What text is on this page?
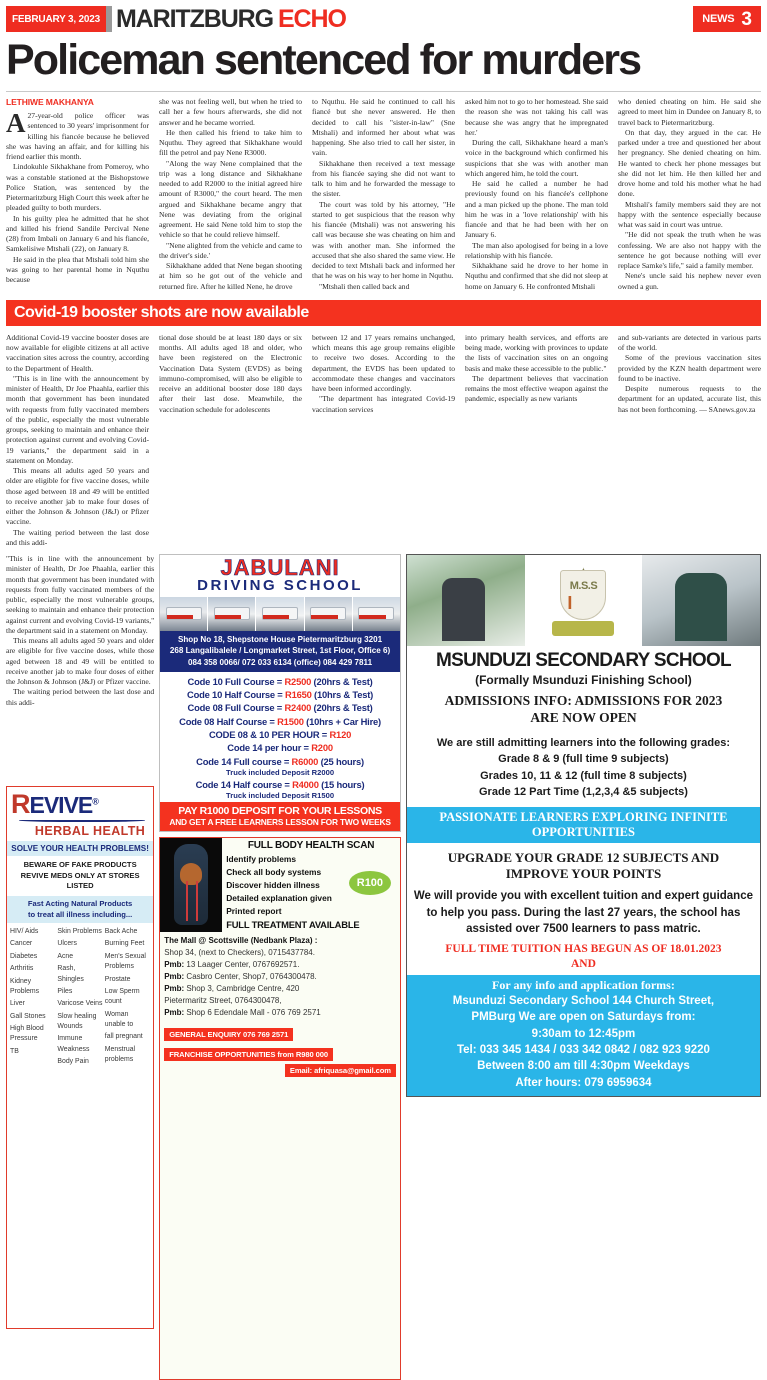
FEBRUARY 3, 2023 MARITZBURG ECHO	NEWS 3
Policeman sentenced for murders
LETHIWE MAKHANYA

A27-year-old police officer was sentenced to 30 years' imprisonment for killing his fiancée because he believed she was having an affair, and for killing his friend earlier this month.

Lindokuhle Sikhakhane from Pomeroy, who was a constable stationed at the Bishopstowe Police Station, was sentenced by the Pietermaritzburg High Court this week after he pleaded guilty to both murders.

In his guilty plea he admitted that he shot and killed his friend Sandile Percival Nene (28) from Imbali on January 6 and his fiancée, Samkelisiwe Mtshali (22), on January 8.

He said in the plea that Mtshali told him she was going to her parental home in Nquthu because

she was not feeling well, but when he tried to call her a few hours afterwards, she did not answer and he became worried.

He then called his friend to take him to Nquthu. They agreed that Sikhakhane would fill the petrol and pay Nene R3000.

"Along the way Nene complained that the trip was a long distance and Sikhakhane needed to add R2000 to the initial agreed hire amount of R3000," the court heard. The men argued and Sikhakhane became angry that Nene was deviating from the original agreement. He said Nene told him to stop the vehicle so that he could relieve himself.

"Nene alighted from the vehicle and came to the driver's side.'

Sikhakhane added that Nene began shooting at him so he got out of the vehicle and returned fire. After he killed Nene, he drove

to Nquthu. He said he continued to call his fiancé but she never answered. He then decided to call his "sister-in-law" (Sne Mtshali) and informed her about what was happening. She also tried to call her sister, in vain.

Sikhakhane then received a text message from his fiancée saying she did not want to talk to him and he forwarded the message to the sister.

The court was told by his attorney, "He started to get suspicious that the reason why his fiancée (Mtshali) was not answering his call was because she was cheating on him and was with another man. She informed the accused that she also shared the same view. He decided to text Mtshali back and informed her that he was on his way to her home in Nquthu.

"Mtshali then called back and

asked him not to go to her homestead. She said the reason she was not taking his call was because she was angry that he impregnated her.'

During the call, Sikhakhane heard a man's voice in the background which confirmed his suspicions that she was with another man which angered him, he told the court.

He said he called a number he had previously found on his fiancée's cellphone and a man picked up the phone. The man told him he was in a 'love relationship' with his fiancée and that he had been with her on January 6.

The man also apologised for being in a love relationship with his fiancée.

Sikhakhane said he drove to her home in Nquthu and confirmed that she did not sleep at home on January 6. He confronted Mtshali

who denied cheating on him. He said she agreed to meet him in Dundee on January 8, to travel back to Pietermaritzburg.

On that day, they argued in the car. He parked under a tree and questioned her about her pregnancy. She denied cheating on him. He wanted to check her phone messages but she did not let him. He then killed her and drove home and told his mother what he had done.

Mtshali's family members said they are not happy with the sentence especially because what was said in court was untrue.

"He did not speak the truth when he was confessing. We are also not happy with the sentence he got because nothing will ever replace Samke's life," said a family member.

Nene's uncle said his nephew never even owned a gun.

Covid-19 booster shots are now available

Additional Covid-19 vaccine booster doses are now available for eligible citizens at all active vaccination sites across the country, according to the Department of Health.

"This is in line with the announcement by minister of Health, Dr Joe Phaahla, earlier this month that government has been inundated with requests from fully vaccinated members of the public, especially the most vulnerable groups, seeking to maintain and enhance their protection against current and evolving Covid-19 variants," the department said in a statement on Monday.

This means all adults aged 50 years and older are eligible for five vaccine doses, while those aged between 18 and 49 will be entitled to receive another jab to make four doses of either the Johnson & Johnson (J&J) or Pfizer vaccine.

The waiting period between the last dose and this addi-

tional dose should be at least 180 days or six months. All adults aged 18 and older, who have been registered on the Electronic Vaccination Data System (EVDS) as being immuno-compromised, will also be eligible to receive an additional booster dose 180 days after their last dose. Meanwhile, the vaccination schedule for adolescents

between 12 and 17 years remains unchanged, which means this age group remains eligible to receive two doses. According to the department, the EVDS has been updated to accommodate these changes and vaccinators have been informed accordingly.

"The department has integrated Covid-19 vaccination services

into primary health services, and efforts are being made, working with provinces to update the lists of vaccination sites on an ongoing basis and make these accessible to the public."

The department believes that vaccination remains the most effective weapon against the pandemic, especially as new variants

and sub-variants are detected in various parts of the world.

Some of the previous vaccination sites provided by the KZN health department were found to be inactive.

Despite numerous requests to the department for an updated, accurate list, this has not been forthcoming. — SAnews.gov.za

"This is in line with the announcement by minister of Health, Dr Joe Phaahla, earlier this month that government has been inundated with requests from fully vaccinated members of the public, especially the most vulnerable groups, seeking to maintain and enhance their protection against current and evolving Covid-19 variants," the department said in a statement on Monday.

This means all adults aged 50 years and older are eligible for five vaccine doses, while those aged between 18 and 49 will be entitled to receive another jab to make four doses of either the Johnson & Johnson (J&J) or Pfizer vaccine.

The waiting period between the last dose and this addi-

REVIVE®
HERBAL HEALTH
SOLVE YOUR HEALTH PROBLEMS!
BEWARE OF FAKE PRODUCTS
REVIVE MEDS ONLY AT STORES LISTED
Fast Acting Natural Products
to treat all illness including...
HIV/ Aids
Cancer
Diabetes
Arthritis
Kidney Problems
Liver
Gall Stones
High Blood Pressure
TB
Skin Problems
Ulcers
Acne
Rash, Shingles
Piles
Varicose Veins
Slow healing Wounds
Immune Weakness
Body Pain
Back Ache
Burning Feet
Men's Sexual Problems
Prostate
Low Sperm count
Woman unable to
fall pregnant
Menstrual problems
JABULANI
DRIVING SCHOOL
Shop No 18, Shepstone House Pietermaritzburg 3201
268 Langalibalele / Longmarket Street, 1st Floor, Office 6)
084 358 0066/ 072 033 6134 (office) 084 429 7811
Code 10 Full Course = R2500 (20hrs & Test)
Code 10 Half Course = R1650 (10hrs & Test)
Code 08 Full Course = R2400 (20hrs & Test)
Code 08 Half Course = R1500 (10hrs + Car Hire)
CODE 08 & 10 PER HOUR = R120
Code 14 per hour = R200
Code 14 Full course = R6000 (25 hours)
Truck included Deposit R2000
Code 14 Half course = R4000 (15 hours)
Truck included Deposit R1500
PAY R1000 DEPOSIT FOR YOUR LESSONS
AND GET A FREE LEARNERS LESSON FOR TWO WEEKS
FULL BODY HEALTH SCAN
Identify problems
Check all body systems
Discover hidden illness
Detailed explanation given
Printed report
FULL TREATMENT AVAILABLE
R100
The Mall @ Scottsville (Nedbank Plaza) :
Shop 34, (next to Checkers), 0715437784.
Pmb: 13 Laager Center, 0767692571.
Pmb: Casbro Center, Shop7, 0764300478.
Pmb: Shop 3, Cambridge Centre, 420
Pietermaritz Street, 0764300478,
Pmb: Shop 6 Edendale Mall - 076 769 2571
GENERAL ENQUIRY 076 769 2571 FRANCHISE OPPORTUNITIES from R980 000
Email: afriquasa@gmail.com
M.S.S
I
MSUNDUZI SECONDARY SCHOOL
(Formally Msunduzi Finishing School)
ADMISSIONS INFO: ADMISSIONS FOR 2023
ARE NOW OPEN
We are still admitting learners into the following grades:
Grade 8 & 9 (full time 9 subjects)
Grades 10, 11 & 12 (full time 8 subjects)
Grade 12 Part Time (1,2,3,4 &5 subjects)
PASSIONATE LEARNERS EXPLORING INFINITE
OPPORTUNITIES
UPGRADE YOUR GRADE 12 SUBJECTS AND
IMPROVE YOUR POINTS
We will provide you with excellent tuition and expert guidance to help you pass. During the last 27 years, the school has assisted over 7500 learners to pass matric.
FULL TIME TUITION HAS BEGUN AS OF 18.01.2023
AND
For any info and application forms:
Msunduzi Secondary School 144 Church Street,
PMBurg We are open on Saturdays from:
9:30am to 12:45pm
Tel: 033 345 1434 / 033 342 0842 / 082 923 9220
Between 8:00 am till 4:30pm Weekdays
After hours: 079 6959634
